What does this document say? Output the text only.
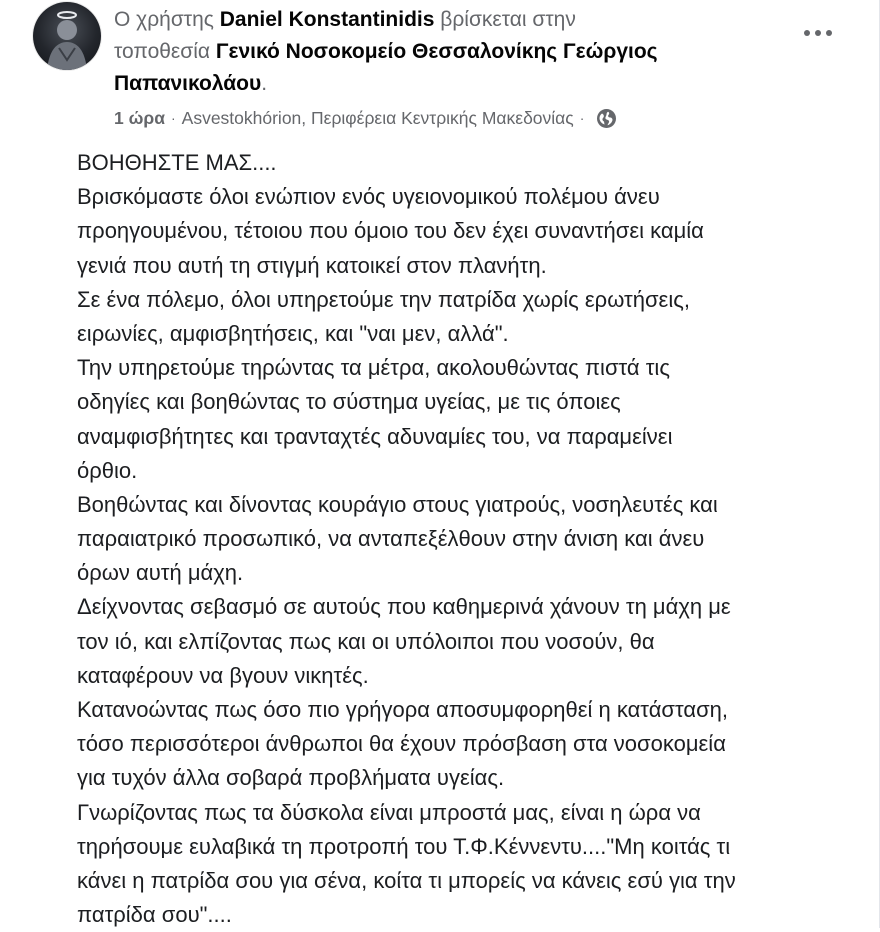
Ο χρήστης Daniel Konstantinidis βρίσκεται στην
τοποθεσία Γενικό Νοσοκομείο Θεσσαλονίκης Γεώργιος
Παπανικολάου.
1 ώρα · Asvestokhórion, Περιφέρεια Κεντρικής Μακεδονίας ·
ΒΟΗΘΗΣΤΕ ΜΑΣ....
Βρισκόμαστε όλοι ενώπιον ενός υγειονομικού πολέμου άνευ
προηγουμένου, τέτοιου που όμοιο του δεν έχει συναντήσει καμία
γενιά που αυτή τη στιγμή κατοικεί στον πλανήτη.
Σε ένα πόλεμο, όλοι υπηρετούμε την πατρίδα χωρίς ερωτήσεις,
ειρωνίες, αμφισβητήσεις, και "ναι μεν, αλλά".
Την υπηρετούμε τηρώντας τα μέτρα, ακολουθώντας πιστά τις
οδηγίες και βοηθώντας το σύστημα υγείας, με τις όποιες
αναμφισβήτητες και τρανταχτές αδυναμίες του, να παραμείνει
όρθιο.
Βοηθώντας και δίνοντας κουράγιο στους γιατρούς, νοσηλευτές και
παραιατρικό προσωπικό, να ανταπεξέλθουν στην άνιση και άνευ
όρων αυτή μάχη.
Δείχνοντας σεβασμό σε αυτούς που καθημερινά χάνουν τη μάχη με
τον ιό, και ελπίζοντας πως και οι υπόλοιποι που νοσούν, θα
καταφέρουν να βγουν νικητές.
Κατανοώντας πως όσο πιο γρήγορα αποσυμφορηθεί η κατάσταση,
τόσο περισσότεροι άνθρωποι θα έχουν πρόσβαση στα νοσοκομεία
για τυχόν άλλα σοβαρά προβλήματα υγείας.
Γνωρίζοντας πως τα δύσκολα είναι μπροστά μας, είναι η ώρα να
τηρήσουμε ευλαβικά τη προτροπή του Τ.Φ.Κέννεντυ...."Μη κοιτάς τι
κάνει η πατρίδα σου για σένα, κοίτα τι μπορείς να κάνεις εσύ για την
πατρίδα σου"....
